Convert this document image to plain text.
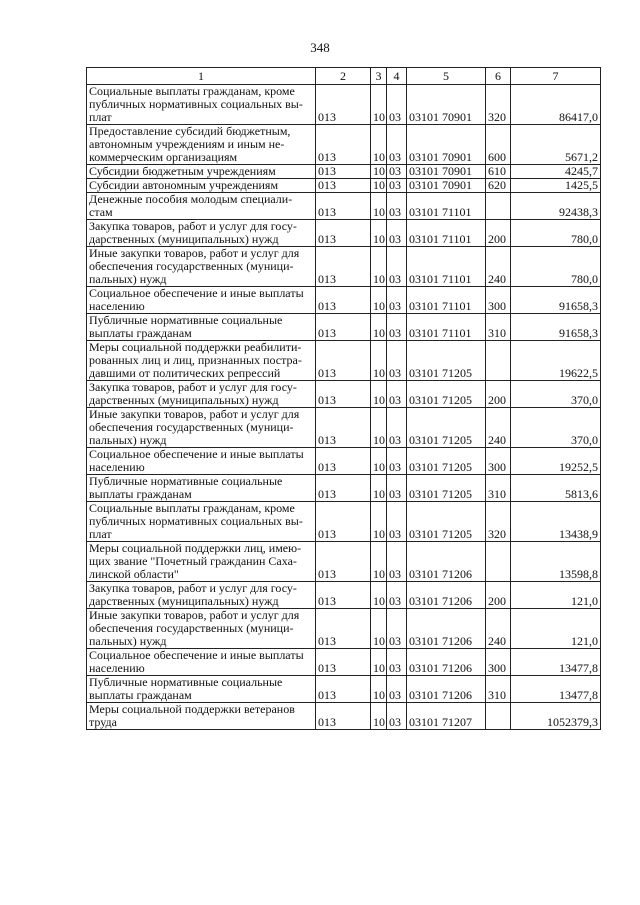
348
1	2	3	4	5	6	7
Социальные выплаты гражданам, кроме публичных нормативных социальных вы-плат	013	10	03	03101 70901	320	86417,0
Предоставление субсидий бюджетным, автономным учреждениям и иным не-коммерческим организациям	013	10	03	03101 70901	600	5671,2
Субсидии бюджетным учреждениям	013	10	03	03101 70901	610	4245,7
Субсидии автономным учреждениям	013	10	03	03101 70901	620	1425,5
Денежные пособия молодым специали-стам	013	10	03	03101 71101		92438,3
Закупка товаров, работ и услуг для госу-дарственных (муниципальных) нужд	013	10	03	03101 71101	200	780,0
Иные закупки товаров, работ и услуг для обеспечения государственных (муници-пальных) нужд	013	10	03	03101 71101	240	780,0
Социальное обеспечение и иные выплаты населению	013	10	03	03101 71101	300	91658,3
Публичные нормативные социальные выплаты гражданам	013	10	03	03101 71101	310	91658,3
Меры социальной поддержки реабилити-рованных лиц и лиц, признанных постра-давшими от политических репрессий	013	10	03	03101 71205		19622,5
Закупка товаров, работ и услуг для госу-дарственных (муниципальных) нужд	013	10	03	03101 71205	200	370,0
Иные закупки товаров, работ и услуг для обеспечения государственных (муници-пальных) нужд	013	10	03	03101 71205	240	370,0
Социальное обеспечение и иные выплаты населению	013	10	03	03101 71205	300	19252,5
Публичные нормативные социальные выплаты гражданам	013	10	03	03101 71205	310	5813,6
Социальные выплаты гражданам, кроме публичных нормативных социальных вы-плат	013	10	03	03101 71205	320	13438,9
Меры социальной поддержки лиц, имею-щих звание "Почетный гражданин Саха-линской области"	013	10	03	03101 71206		13598,8
Закупка товаров, работ и услуг для госу-дарственных (муниципальных) нужд	013	10	03	03101 71206	200	121,0
Иные закупки товаров, работ и услуг для обеспечения государственных (муници-пальных) нужд	013	10	03	03101 71206	240	121,0
Социальное обеспечение и иные выплаты населению	013	10	03	03101 71206	300	13477,8
Публичные нормативные социальные выплаты гражданам	013	10	03	03101 71206	310	13477,8
Меры социальной поддержки ветеранов труда	013	10	03	03101 71207		1052379,3
